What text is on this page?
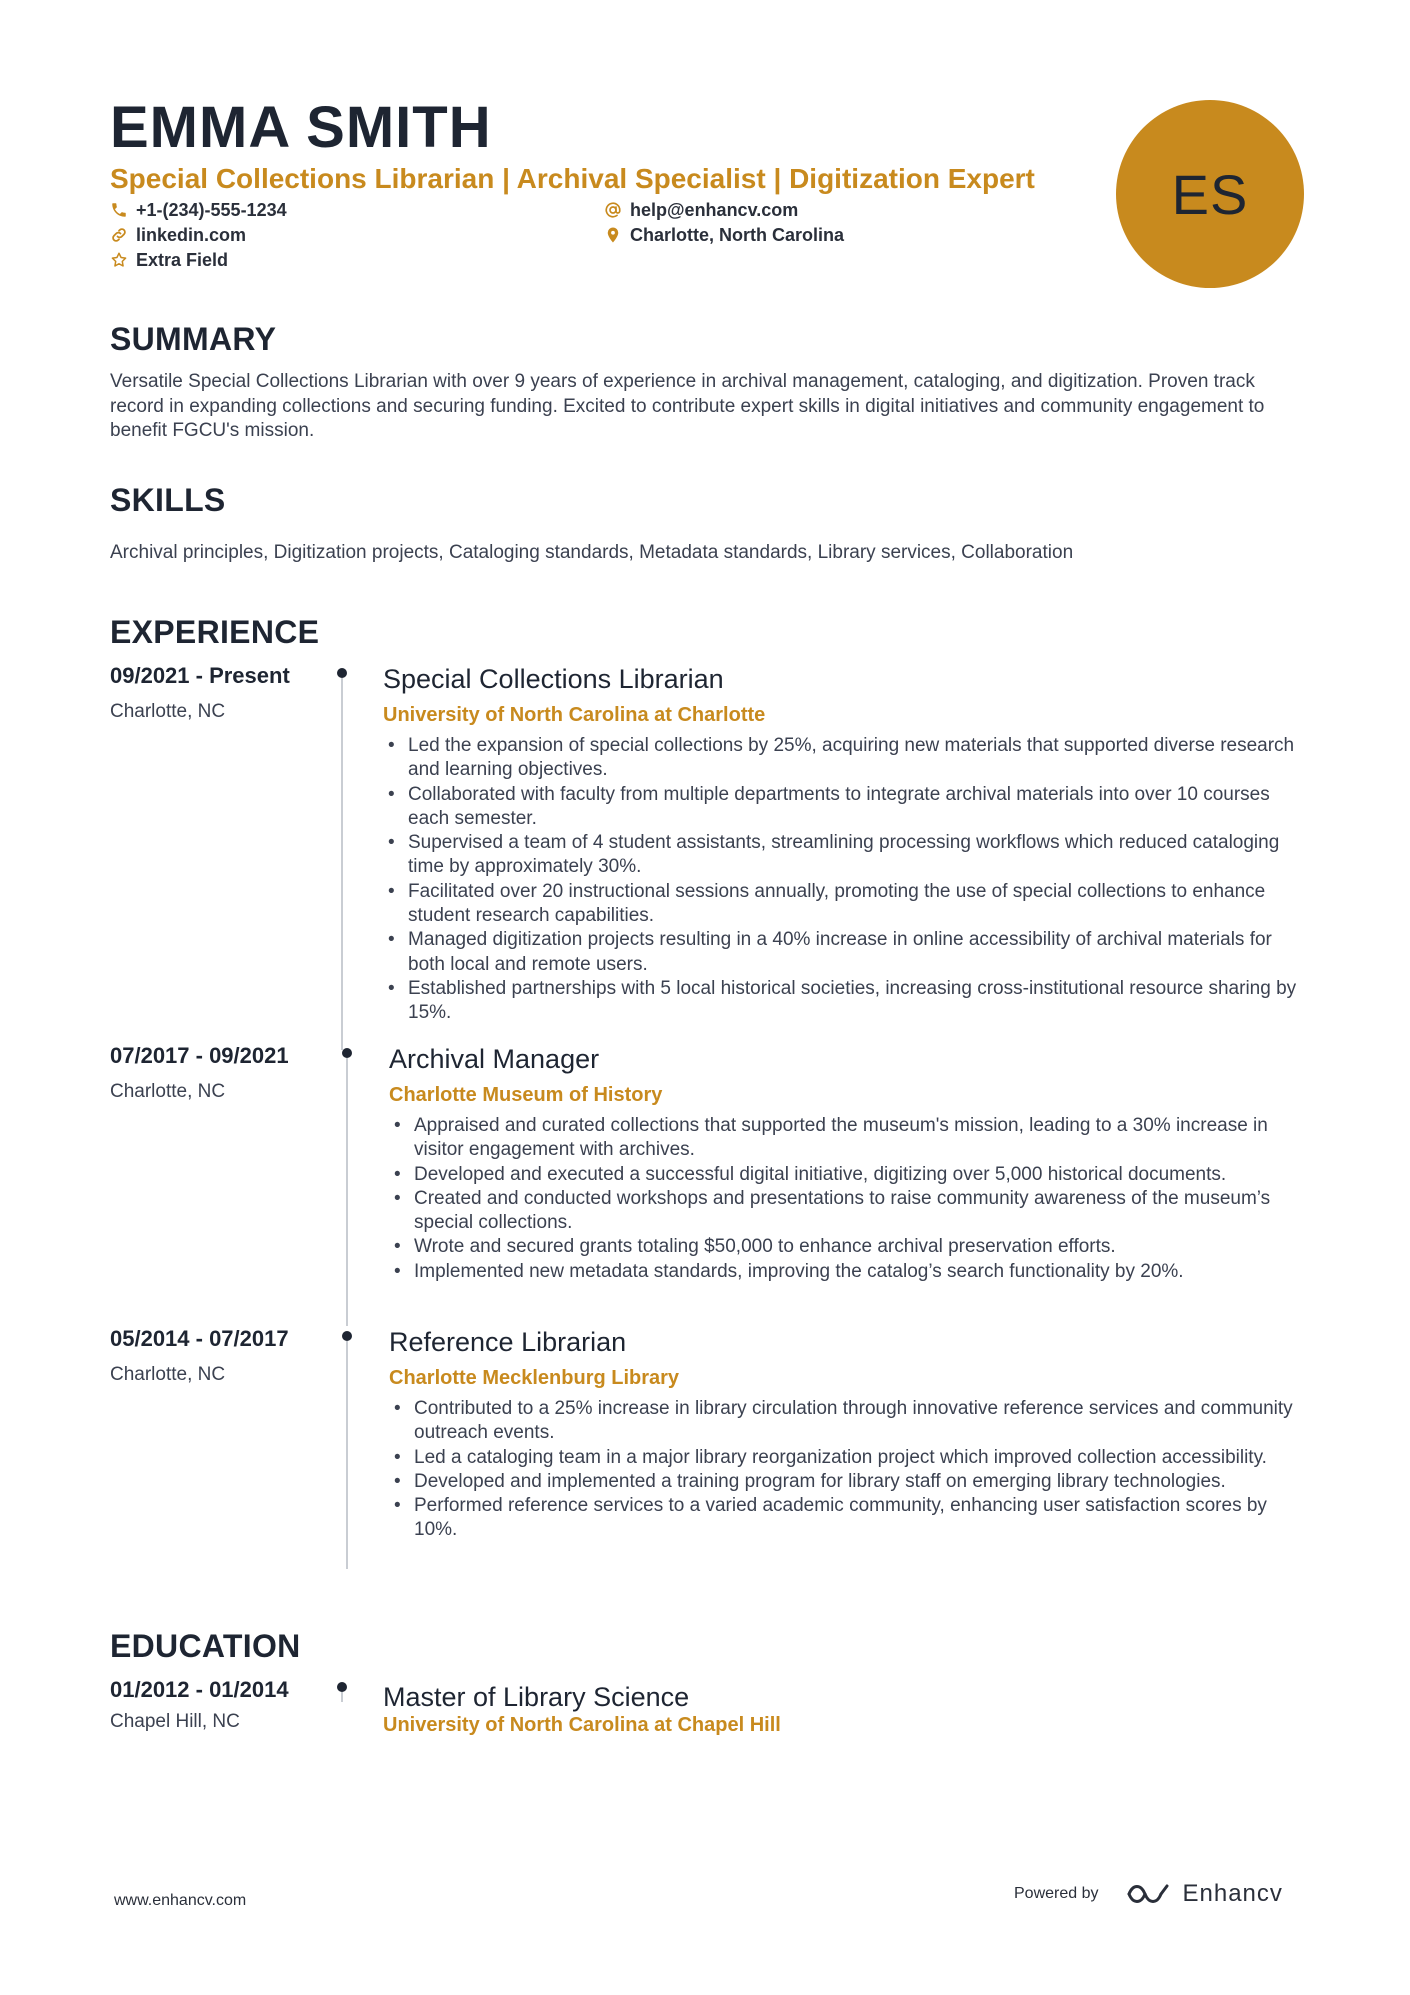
EMMA SMITH
Special Collections Librarian | Archival Specialist | Digitization Expert
+1-(234)-555-1234	help@enhancv.com
linkedin.com	Charlotte, North Carolina
Extra Field
ES
SUMMARY
Versatile Special Collections Librarian with over 9 years of experience in archival management, cataloging, and digitization. Proven track record in expanding collections and securing funding. Excited to contribute expert skills in digital initiatives and community engagement to benefit FGCU's mission.
SKILLS
Archival principles, Digitization projects, Cataloging standards, Metadata standards, Library services, Collaboration
EXPERIENCE
09/2021 - Present
Charlotte, NC
Special Collections Librarian
University of North Carolina at Charlotte
• Led the expansion of special collections by 25%, acquiring new materials that supported diverse research and learning objectives.
• Collaborated with faculty from multiple departments to integrate archival materials into over 10 courses each semester.
• Supervised a team of 4 student assistants, streamlining processing workflows which reduced cataloging time by approximately 30%.
• Facilitated over 20 instructional sessions annually, promoting the use of special collections to enhance student research capabilities.
• Managed digitization projects resulting in a 40% increase in online accessibility of archival materials for both local and remote users.
• Established partnerships with 5 local historical societies, increasing cross-institutional resource sharing by 15%.
07/2017 - 09/2021
Charlotte, NC
Archival Manager
Charlotte Museum of History
• Appraised and curated collections that supported the museum's mission, leading to a 30% increase in visitor engagement with archives.
• Developed and executed a successful digital initiative, digitizing over 5,000 historical documents.
• Created and conducted workshops and presentations to raise community awareness of the museum’s special collections.
• Wrote and secured grants totaling $50,000 to enhance archival preservation efforts.
• Implemented new metadata standards, improving the catalog’s search functionality by 20%.
05/2014 - 07/2017
Charlotte, NC
Reference Librarian
Charlotte Mecklenburg Library
• Contributed to a 25% increase in library circulation through innovative reference services and community outreach events.
• Led a cataloging team in a major library reorganization project which improved collection accessibility.
• Developed and implemented a training program for library staff on emerging library technologies.
• Performed reference services to a varied academic community, enhancing user satisfaction scores by 10%.
EDUCATION
01/2012 - 01/2014
Chapel Hill, NC
Master of Library Science
University of North Carolina at Chapel Hill
www.enhancv.com	Powered by	Enhancv
